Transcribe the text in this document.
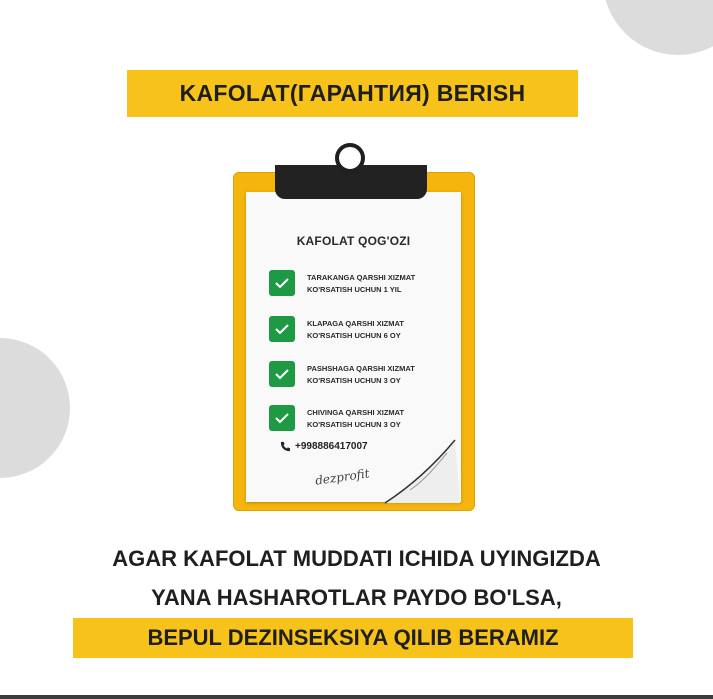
KAFOLAT(ГАРАНТИЯ) BERISH
KAFOLAT QOG'OZI
TARAKANGA QARSHI XIZMAT
KO'RSATISH UCHUN 1 YIL
KLAPAGA QARSHI XIZMAT
KO'RSATISH UCHUN 6 OY
PASHSHAGA QARSHI XIZMAT
KO'RSATISH UCHUN 3 OY
CHIVINGA QARSHI XIZMAT
KO'RSATISH UCHUN 3 OY
+998886417007
dezprofit
AGAR KAFOLAT MUDDATI ICHIDA UYINGIZDA
YANA HASHAROTLAR PAYDO BO'LSA,
BEPUL DEZINSEKSIYA QILIB BERAMIZ
